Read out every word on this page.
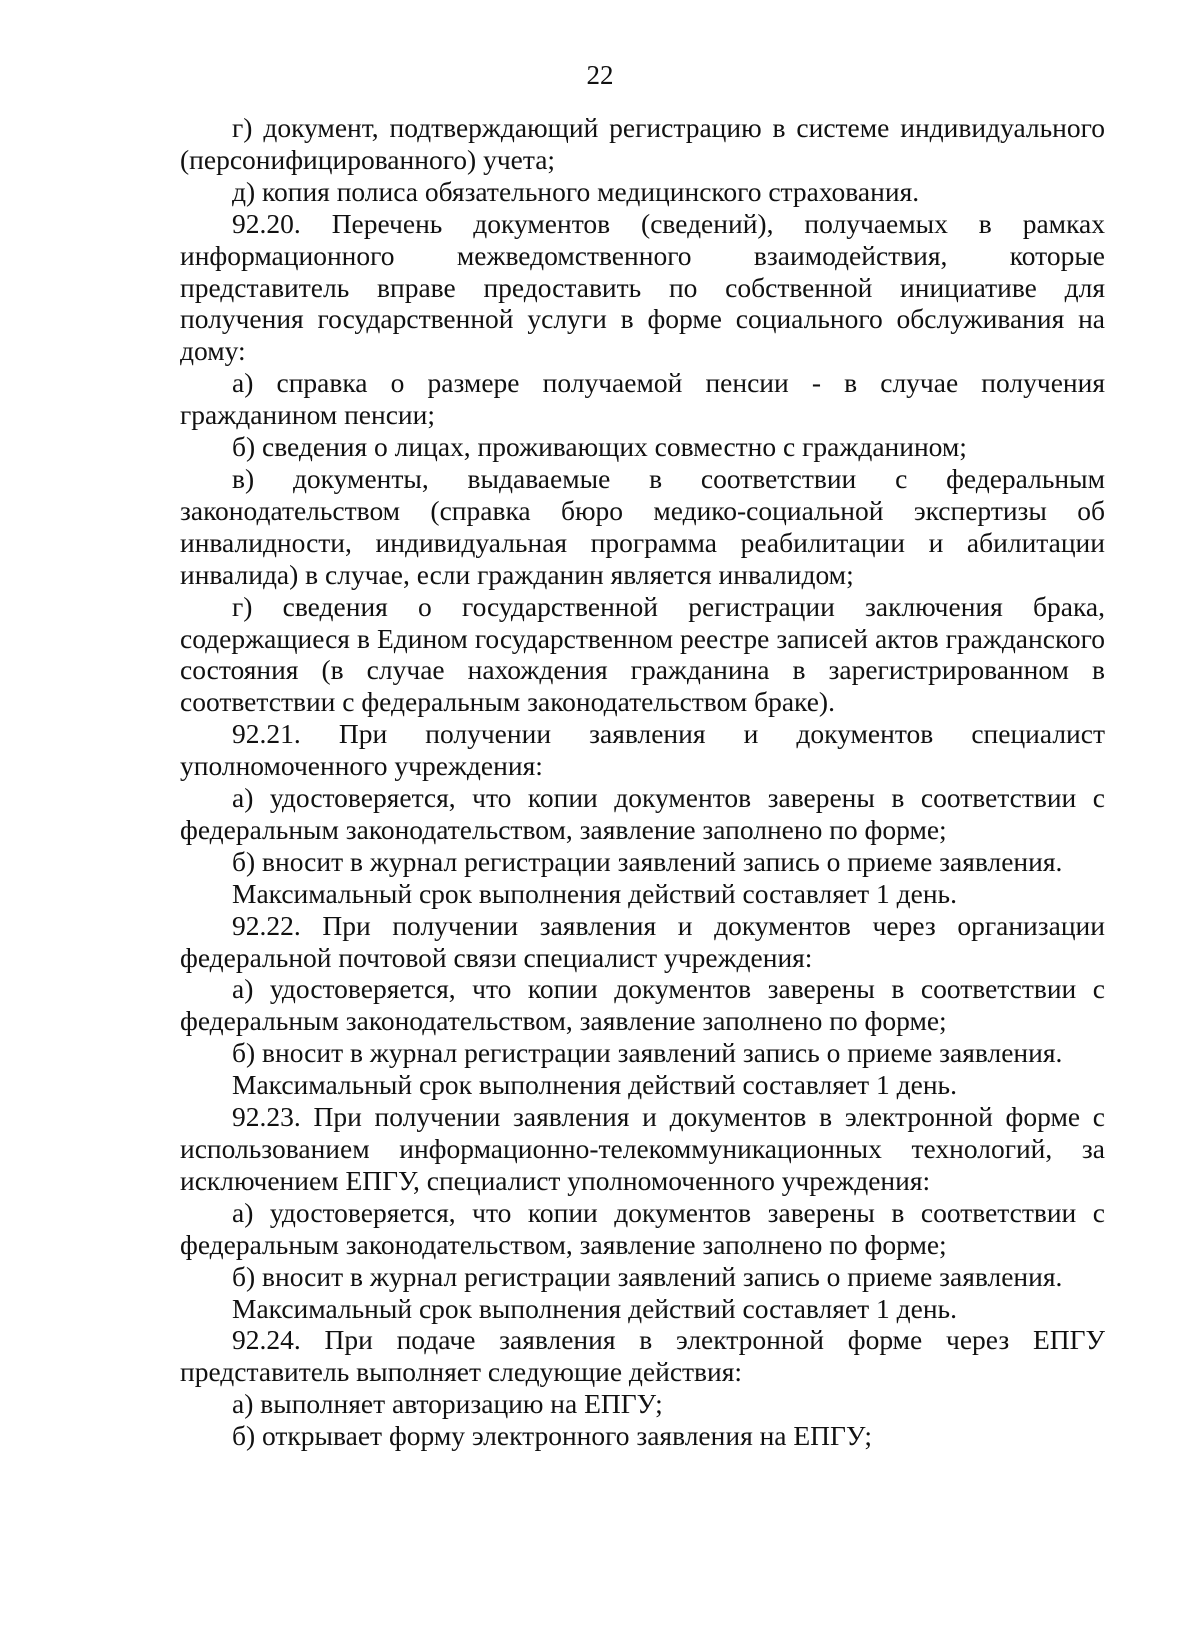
22

г) документ, подтверждающий регистрацию в системе индивидуального (персонифицированного) учета;

д) копия полиса обязательного медицинского страхования.

92.20. Перечень документов (сведений), получаемых в рамках информационного межведомственного взаимодействия, которые представитель вправе предоставить по собственной инициативе для получения государственной услуги в форме социального обслуживания на дому:

а) справка о размере получаемой пенсии - в случае получения гражданином пенсии;

б) сведения о лицах, проживающих совместно с гражданином;

в) документы, выдаваемые в соответствии с федеральным законодательством (справка бюро медико-социальной экспертизы об инвалидности, индивидуальная программа реабилитации и абилитации инвалида) в случае, если гражданин является инвалидом;

г) сведения о государственной регистрации заключения брака, содержащиеся в Едином государственном реестре записей актов гражданского состояния (в случае нахождения гражданина в зарегистрированном в соответствии с федеральным законодательством браке).

92.21. При получении заявления и документов специалист уполномоченного учреждения:

а) удостоверяется, что копии документов заверены в соответствии с федеральным законодательством, заявление заполнено по форме;

б) вносит в журнал регистрации заявлений запись о приеме заявления.

Максимальный срок выполнения действий составляет 1 день.

92.22. При получении заявления и документов через организации федеральной почтовой связи специалист учреждения:

а) удостоверяется, что копии документов заверены в соответствии с федеральным законодательством, заявление заполнено по форме;

б) вносит в журнал регистрации заявлений запись о приеме заявления.

Максимальный срок выполнения действий составляет 1 день.

92.23. При получении заявления и документов в электронной форме с использованием информационно-телекоммуникационных технологий, за исключением ЕПГУ, специалист уполномоченного учреждения:

а) удостоверяется, что копии документов заверены в соответствии с федеральным законодательством, заявление заполнено по форме;

б) вносит в журнал регистрации заявлений запись о приеме заявления.

Максимальный срок выполнения действий составляет 1 день.

92.24. При подаче заявления в электронной форме через ЕПГУ представитель выполняет следующие действия:

а) выполняет авторизацию на ЕПГУ;

б) открывает форму электронного заявления на ЕПГУ;
